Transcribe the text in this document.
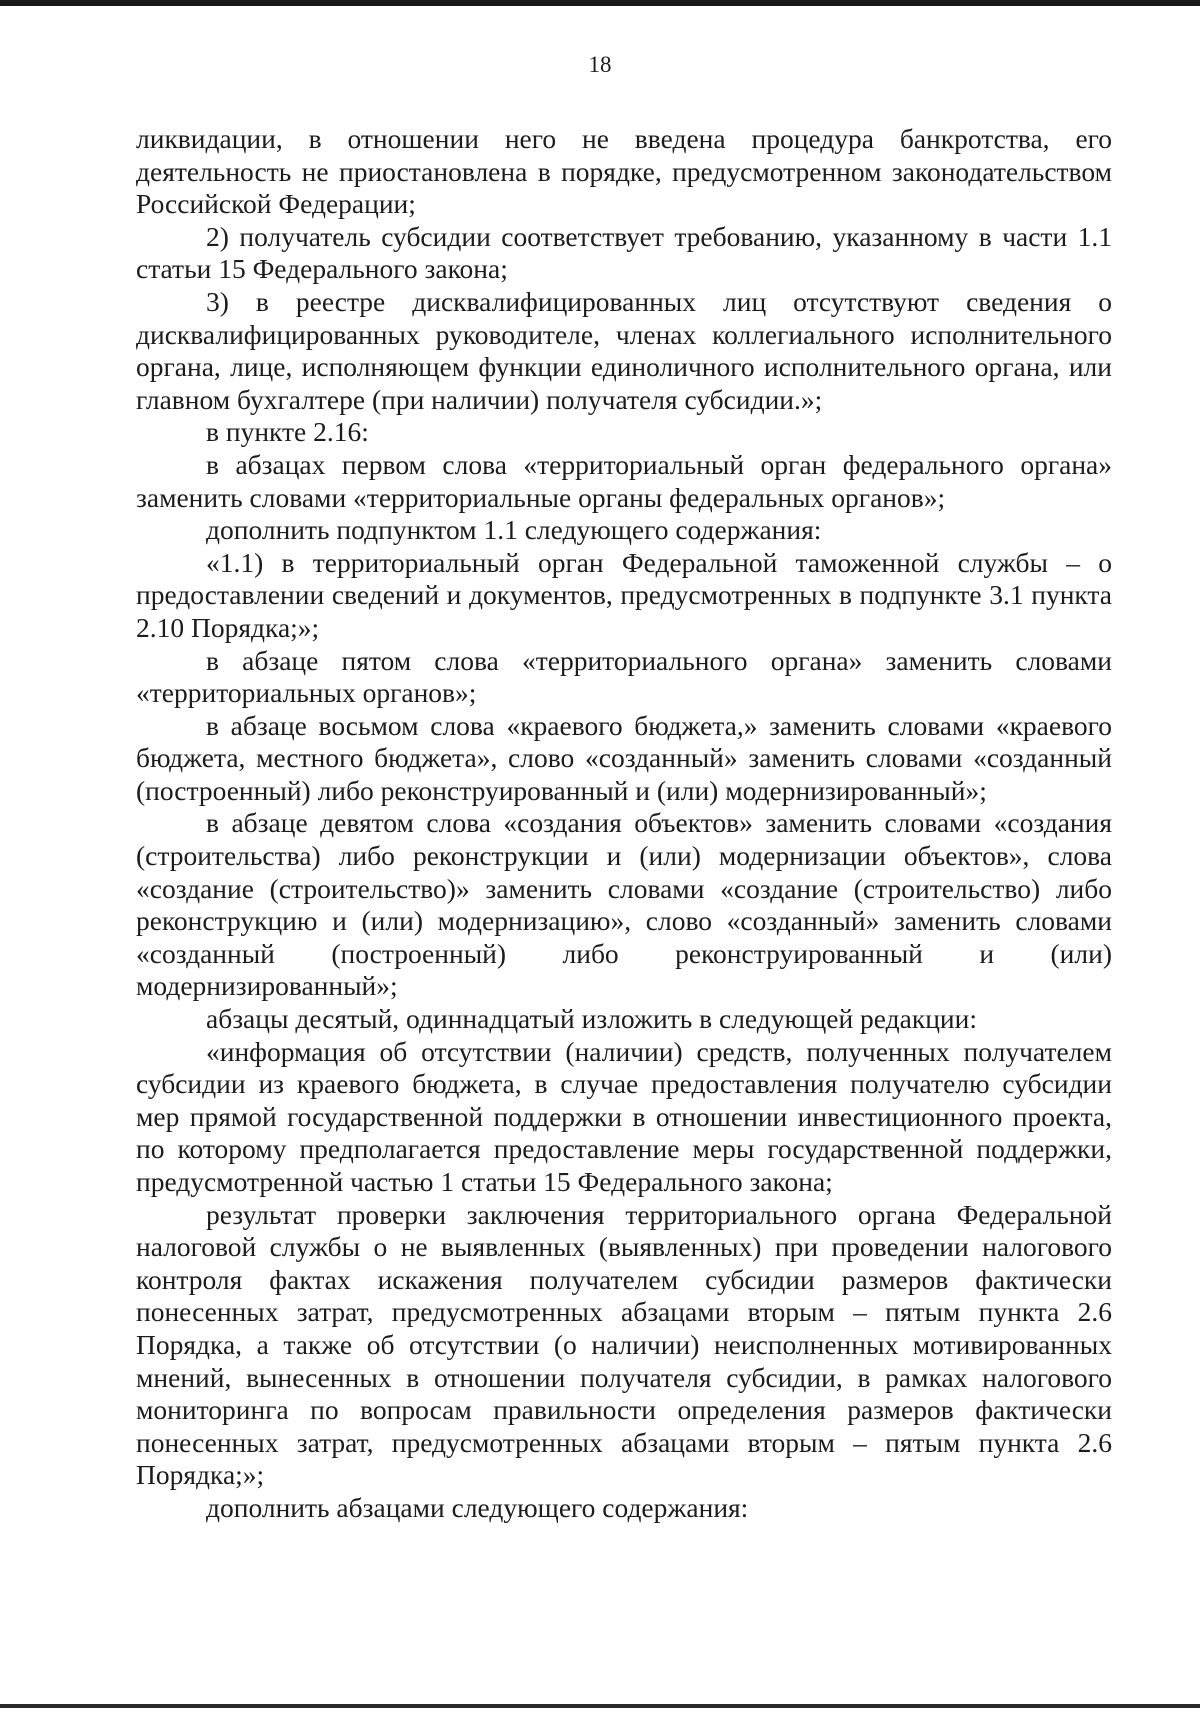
18

ликвидации, в отношении него не введена процедура банкротства, его деятельность не приостановлена в порядке, предусмотренном законодательством Российской Федерации;

2) получатель субсидии соответствует требованию, указанному в части 1.1 статьи 15 Федерального закона;

3) в реестре дисквалифицированных лиц отсутствуют сведения о дисквалифицированных руководителе, членах коллегиального исполнительного органа, лице, исполняющем функции единоличного исполнительного органа, или главном бухгалтере (при наличии) получателя субсидии.»;

в пункте 2.16:

в абзацах первом слова «территориальный орган федерального органа» заменить словами «территориальные органы федеральных органов»;

дополнить подпунктом 1.1 следующего содержания:

«1.1) в территориальный орган Федеральной таможенной службы – о предоставлении сведений и документов, предусмотренных в подпункте 3.1 пункта 2.10 Порядка;»;

в абзаце пятом слова «территориального органа» заменить словами «территориальных органов»;

в абзаце восьмом слова «краевого бюджета,» заменить словами «краевого бюджета, местного бюджета», слово «созданный» заменить словами «созданный (построенный) либо реконструированный и (или) модернизированный»;

в абзаце девятом слова «создания объектов» заменить словами «создания (строительства) либо реконструкции и (или) модернизации объектов», слова «создание (строительство)» заменить словами «создание (строительство) либо реконструкцию и (или) модернизацию», слово «созданный» заменить словами «созданный (построенный) либо реконструированный и (или) модернизированный»;

абзацы десятый, одиннадцатый изложить в следующей редакции:

«информация об отсутствии (наличии) средств, полученных получателем субсидии из краевого бюджета, в случае предоставления получателю субсидии мер прямой государственной поддержки в отношении инвестиционного проекта, по которому предполагается предоставление меры государственной поддержки, предусмотренной частью 1 статьи 15 Федерального закона;

результат проверки заключения территориального органа Федеральной налоговой службы о не выявленных (выявленных) при проведении налогового контроля фактах искажения получателем субсидии размеров фактически понесенных затрат, предусмотренных абзацами вторым – пятым пункта 2.6 Порядка, а также об отсутствии (о наличии) неисполненных мотивированных мнений, вынесенных в отношении получателя субсидии, в рамках налогового мониторинга по вопросам правильности определения размеров фактически понесенных затрат, предусмотренных абзацами вторым – пятым пункта 2.6 Порядка;»;

дополнить абзацами следующего содержания:
